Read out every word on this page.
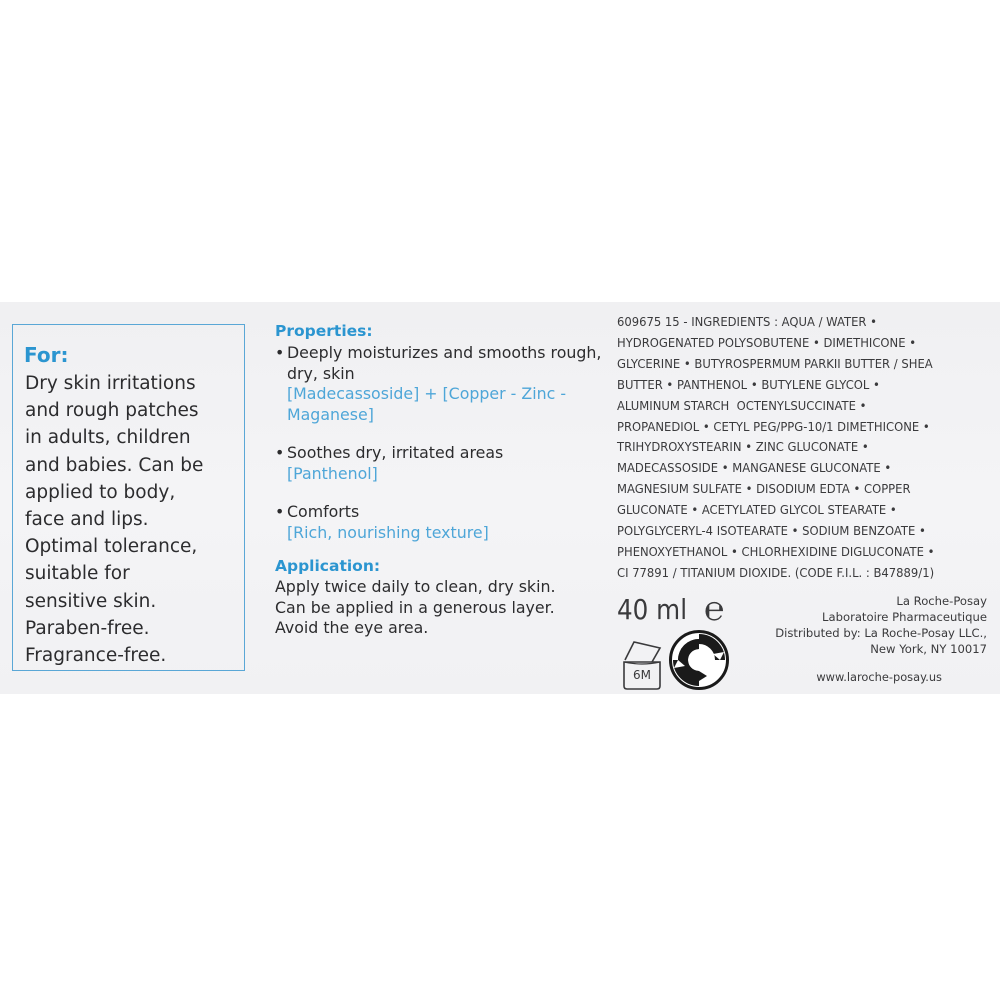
For:

Dry skin irritations
and rough patches
in adults, children
and babies. Can be
applied to body,
face and lips.
Optimal tolerance,
suitable for
sensitive skin.
Paraben-free.
Fragrance-free.

Properties:

• Deeply moisturizes and smooths rough, dry, skin
[Madecassoside] + [Copper - Zinc - Maganese]
• Soothes dry, irritated areas
[Panthenol]
• Comforts
[Rich, nourishing texture]

Application:

Apply twice daily to clean, dry skin.
Can be applied in a generous layer.
Avoid the eye area.

609675 15 - INGREDIENTS : AQUA / WATER •
HYDROGENATED POLYSOBUTENE • DIMETHICONE •
GLYCERINE • BUTYROSPERMUM PARKII BUTTER / SHEA
BUTTER • PANTHENOL • BUTYLENE GLYCOL •
ALUMINUM STARCH  OCTENYLSUCCINATE •
PROPANEDIOL • CETYL PEG/PPG-10/1 DIMETHICONE •
TRIHYDROXYSTEARIN • ZINC GLUCONATE •
MADECASSOSIDE • MANGANESE GLUCONATE •
MAGNESIUM SULFATE • DISODIUM EDTA • COPPER
GLUCONATE • ACETYLATED GLYCOL STEARATE •
POLYGLYCERYL-4 ISOTEARATE • SODIUM BENZOATE •
PHENOXYETHANOL • CHLORHEXIDINE DIGLUCONATE •
CI 77891 / TITANIUM DIOXIDE. (CODE F.I.L. : B47889/1)

40 ml ℮

6M

La Roche-Posay
Laboratoire Pharmaceutique
Distributed by: La Roche-Posay LLC.,
New York, NY 10017

www.laroche-posay.us
